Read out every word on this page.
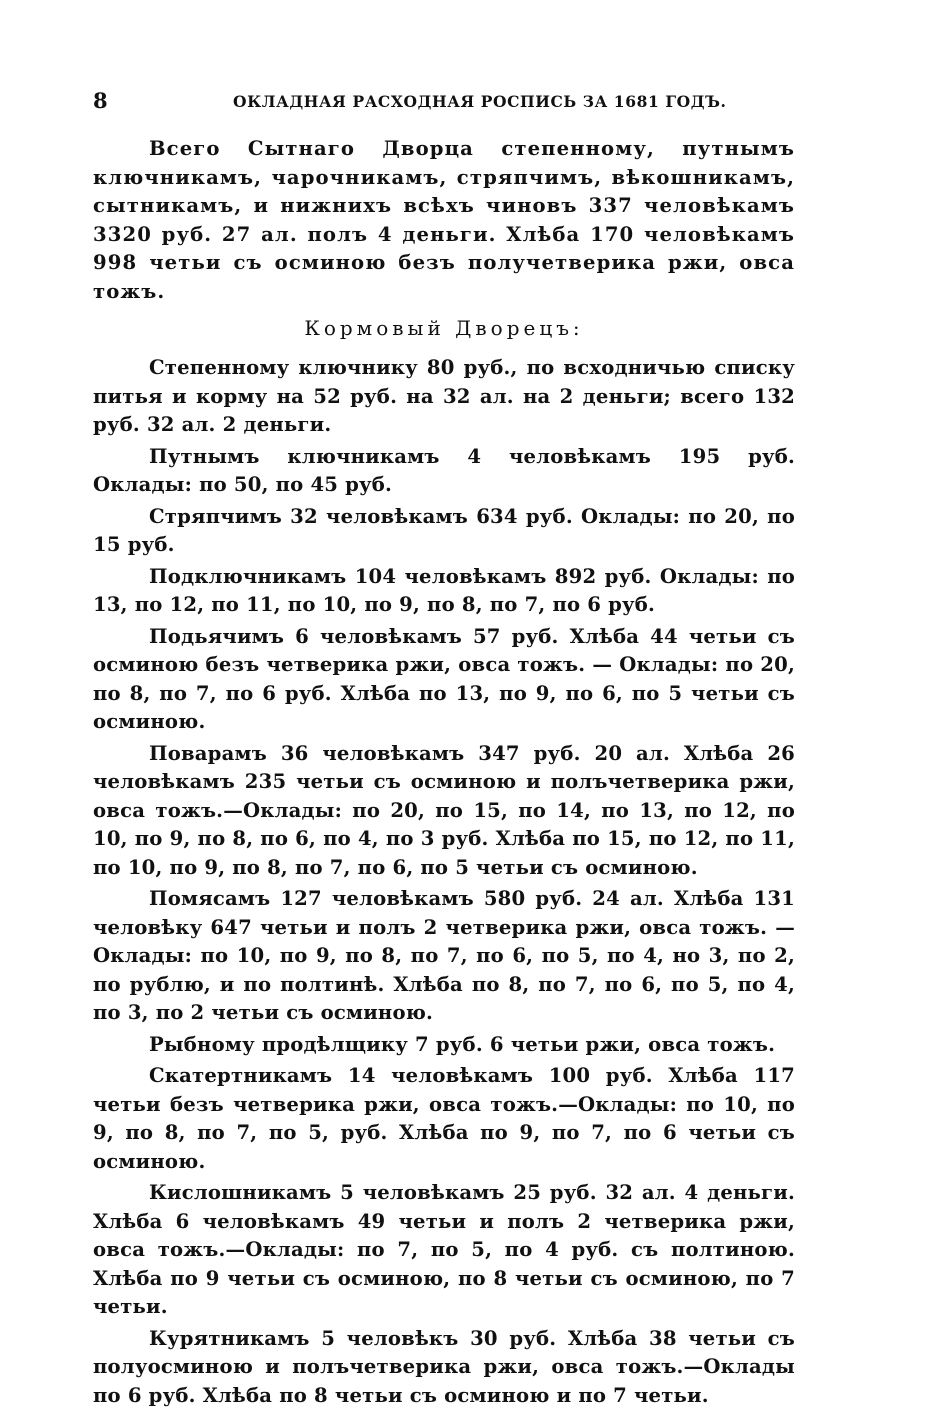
8	ОКЛАДНАЯ РАСХОДНАЯ РОСПИСЬ ЗА 1681 ГОДЪ.

Всего Сытнаго Дворца степенному, путнымъ ключникамъ, чарочникамъ, стряпчимъ, вѣкошникамъ, сытникамъ, и нижнихъ всѣхъ чиновъ 337 человѣкамъ 3320 руб. 27 ал. полъ 4 деньги. Хлѣба 170 человѣкамъ 998 четьи съ осминою безъ получетверика ржи, овса тожъ.

Кормовый Дворецъ:

Степенному ключнику 80 руб., по всходничью списку питья и корму на 52 руб. на 32 ал. на 2 деньги; всего 132 руб. 32 ал. 2 деньги.

Путнымъ ключникамъ 4 человѣкамъ 195 руб. Оклады: по 50, по 45 руб.

Стряпчимъ 32 человѣкамъ 634 руб. Оклады: по 20, по 15 руб.

Подключникамъ 104 человѣкамъ 892 руб. Оклады: по 13, по 12, по 11, по 10, по 9, по 8, по 7, по 6 руб.

Подьячимъ 6 человѣкамъ 57 руб. Хлѣба 44 четьи съ осминою безъ четверика ржи, овса тожъ. — Оклады: по 20, по 8, по 7, по 6 руб. Хлѣба по 13, по 9, по 6, по 5 четьи съ осминою.

Поварамъ 36 человѣкамъ 347 руб. 20 ал. Хлѣба 26 человѣкамъ 235 четьи съ осминою и полъчетверика ржи, овса тожъ.—Оклады: по 20, по 15, по 14, по 13, по 12, по 10, по 9, по 8, по 6, по 4, по 3 руб. Хлѣба по 15, по 12, по 11, по 10, по 9, по 8, по 7, по 6, по 5 четьи съ осминою.

Помясамъ 127 человѣкамъ 580 руб. 24 ал. Хлѣба 131 человѣку 647 четьи и полъ 2 четверика ржи, овса тожъ. —Оклады: по 10, по 9, по 8, по 7, по 6, по 5, по 4, но 3, по 2, по рублю, и по полтинѣ. Хлѣба по 8, по 7, по 6, по 5, по 4, по 3, по 2 четьи съ осминою.

Рыбному продѣлщику 7 руб. 6 четьи ржи, овса тожъ.

Скатертникамъ 14 человѣкамъ 100 руб. Хлѣба 117 четьи безъ четверика ржи, овса тожъ.—Оклады: по 10, по 9, по 8, по 7, по 5, руб. Хлѣба по 9, по 7, по 6 четьи съ осминою.

Кислошникамъ 5 человѣкамъ 25 руб. 32 ал. 4 деньги. Хлѣба 6 человѣкамъ 49 четьи и полъ 2 четверика ржи, овса тожъ.—Оклады: по 7, по 5, по 4 руб. съ полтиною. Хлѣба по 9 четьи съ осминою, по 8 четьи съ осминою, по 7 четьи.

Курятникамъ 5 человѣкъ 30 руб. Хлѣба 38 четьи съ полуосминою и полъчетверика ржи, овса тожъ.—Оклады по 6 руб. Хлѣба по 8 четьи съ осминою и по 7 четьи.
